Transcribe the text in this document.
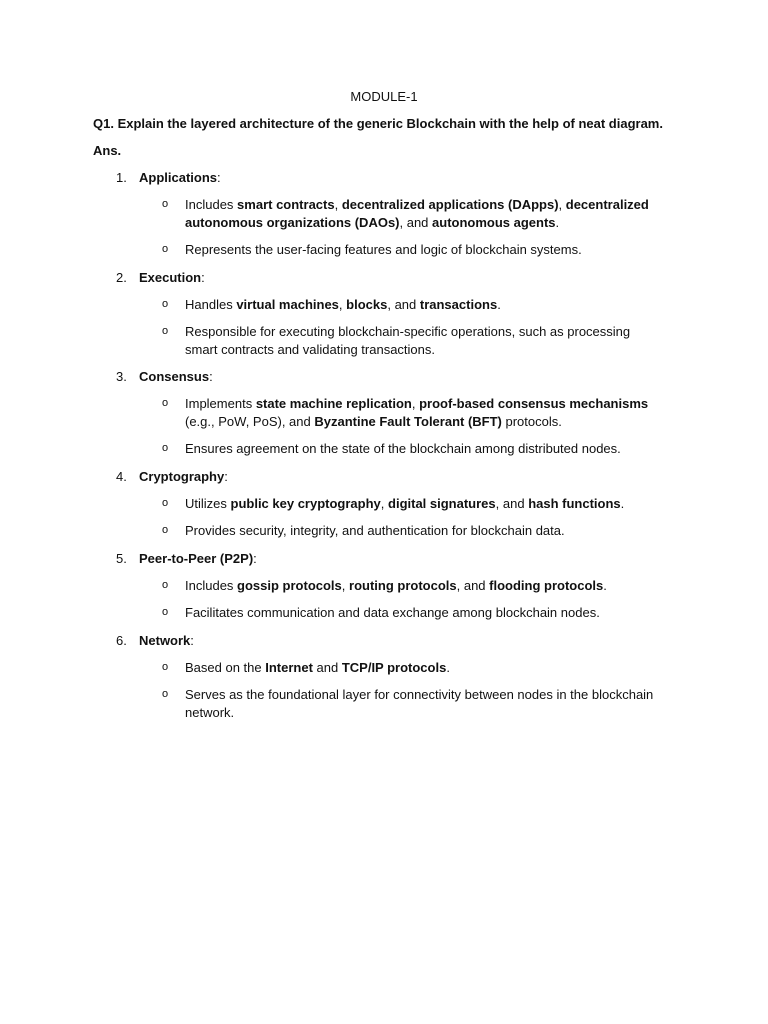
MODULE-1
Q1. Explain the layered architecture of the generic Blockchain with the help of neat diagram.
Ans.
1. Applications:
o Includes smart contracts, decentralized applications (DApps), decentralized autonomous organizations (DAOs), and autonomous agents.
o Represents the user-facing features and logic of blockchain systems.
2. Execution:
o Handles virtual machines, blocks, and transactions.
o Responsible for executing blockchain-specific operations, such as processing smart contracts and validating transactions.
3. Consensus:
o Implements state machine replication, proof-based consensus mechanisms (e.g., PoW, PoS), and Byzantine Fault Tolerant (BFT) protocols.
o Ensures agreement on the state of the blockchain among distributed nodes.
4. Cryptography:
o Utilizes public key cryptography, digital signatures, and hash functions.
o Provides security, integrity, and authentication for blockchain data.
5. Peer-to-Peer (P2P):
o Includes gossip protocols, routing protocols, and flooding protocols.
o Facilitates communication and data exchange among blockchain nodes.
6. Network:
o Based on the Internet and TCP/IP protocols.
o Serves as the foundational layer for connectivity between nodes in the blockchain network.
